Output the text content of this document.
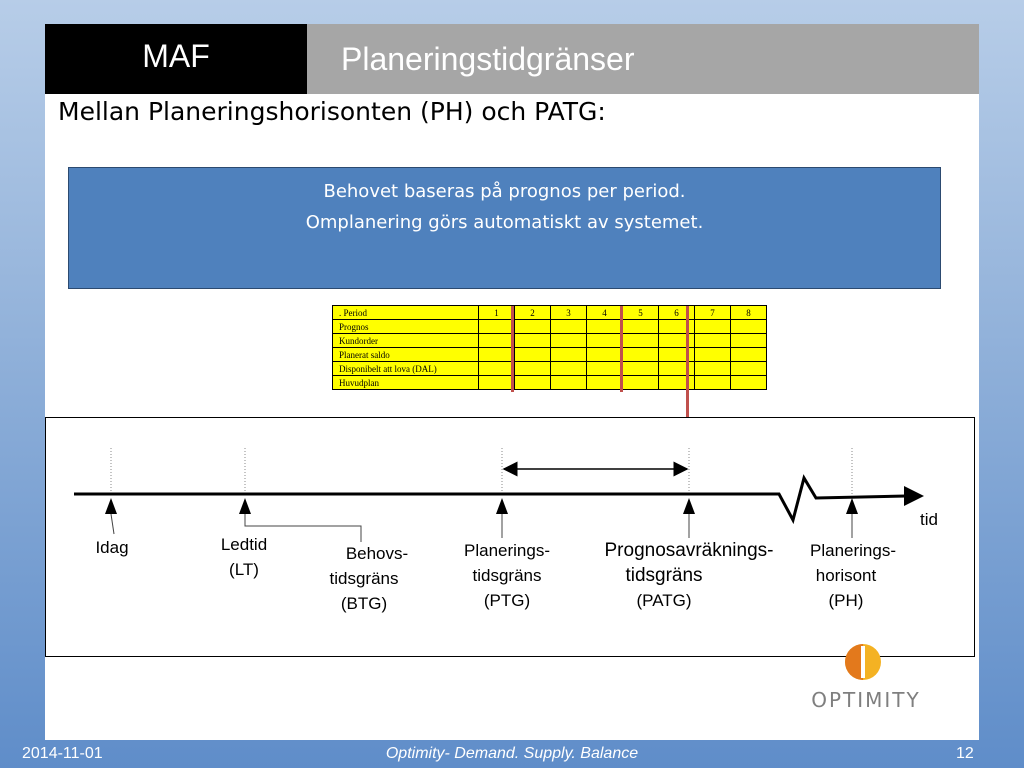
MAF	Planeringstidgränser
Mellan Planeringshorisonten (PH) och PATG:
Behovet baseras på prognos per period.
Omplanering görs automatiskt av systemet.
. Period	1	2	3	4	5	6	7	8
Prognos								
Kundorder								
Planerat saldo								
Disponibelt att lova (DAL)								
Huvudplan								
tid
Idag	Ledtid
(LT)
Behovs-
tidsgräns
(BTG)
Planerings-
tidsgräns
(PTG)
Prognosavräknings-
tidsgräns
(PATG)
Planerings-
horisont
(PH)
OPTIMITY
2014-11-01	Optimity- Demand. Supply. Balance	12
